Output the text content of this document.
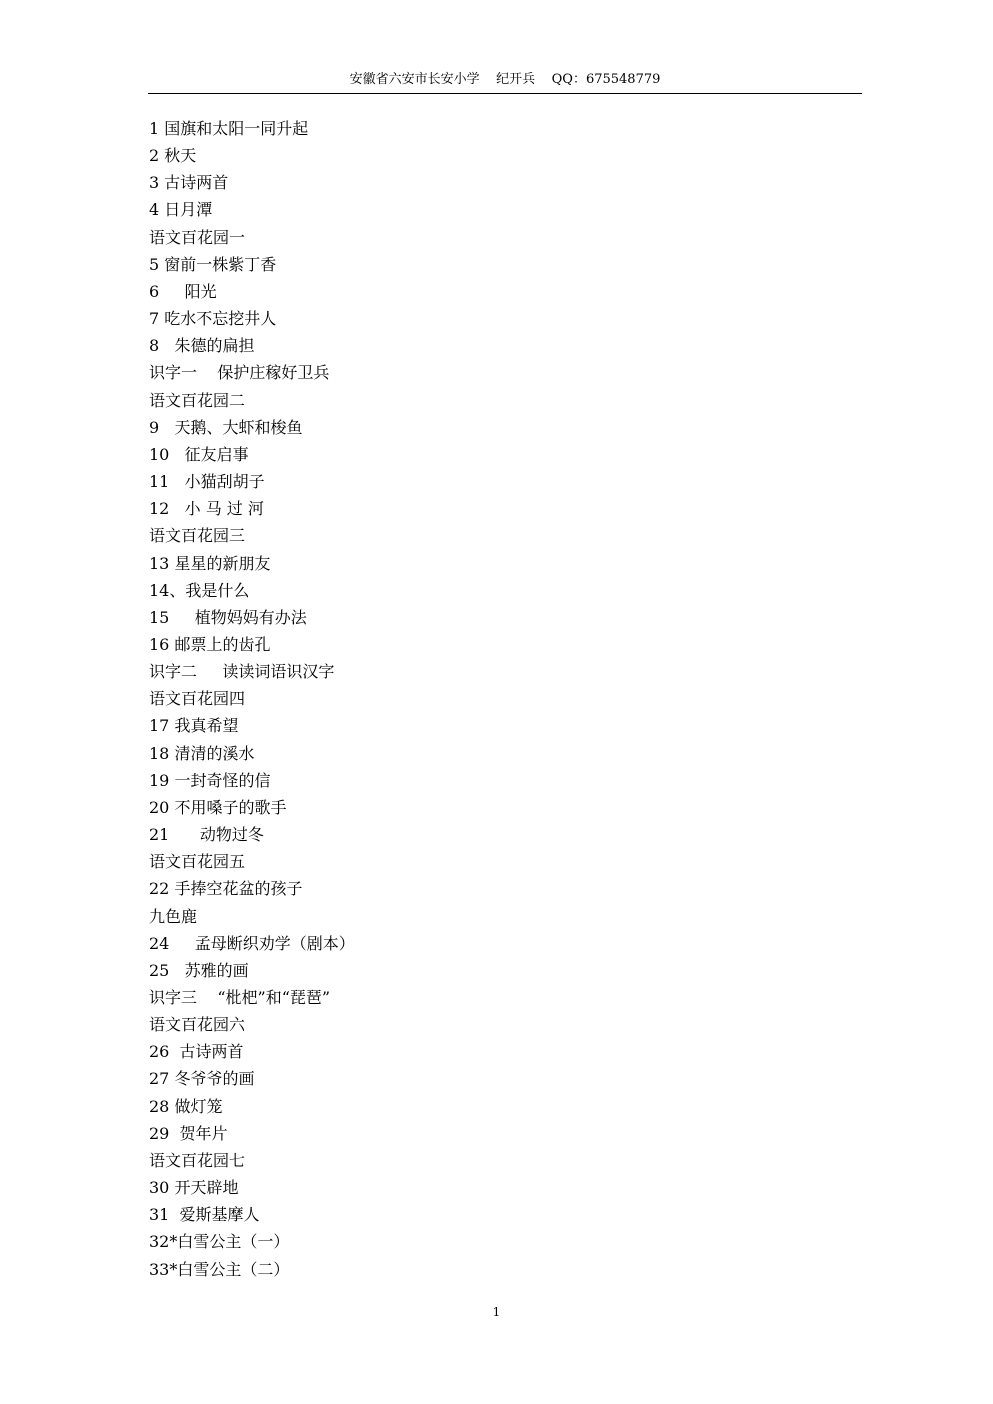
安徽省六安市长安小学    纪开兵    QQ：675548779
1 国旗和太阳一同升起
2 秋天
3 古诗两首
4 日月潭
语文百花园一
5 窗前一株紫丁香
6     阳光
7 吃水不忘挖井人
8   朱德的扁担
识字一    保护庄稼好卫兵
语文百花园二
9   天鹅、大虾和梭鱼
10   征友启事
11   小猫刮胡子
12   小 马 过 河
语文百花园三
13 星星的新朋友
14、我是什么
15     植物妈妈有办法
16 邮票上的齿孔
识字二     读读词语识汉字
语文百花园四
17 我真希望
18 清清的溪水
19 一封奇怪的信
20 不用嗓子的歌手
21      动物过冬
语文百花园五
22 手捧空花盆的孩子
九色鹿
24     孟母断织劝学（剧本）
25   苏雅的画
识字三    “枇杷”和“琵琶”
语文百花园六
26  古诗两首
27 冬爷爷的画
28 做灯笼
29  贺年片
语文百花园七
30 开天辟地
31  爱斯基摩人
32*白雪公主（一）
33*白雪公主（二）
1
